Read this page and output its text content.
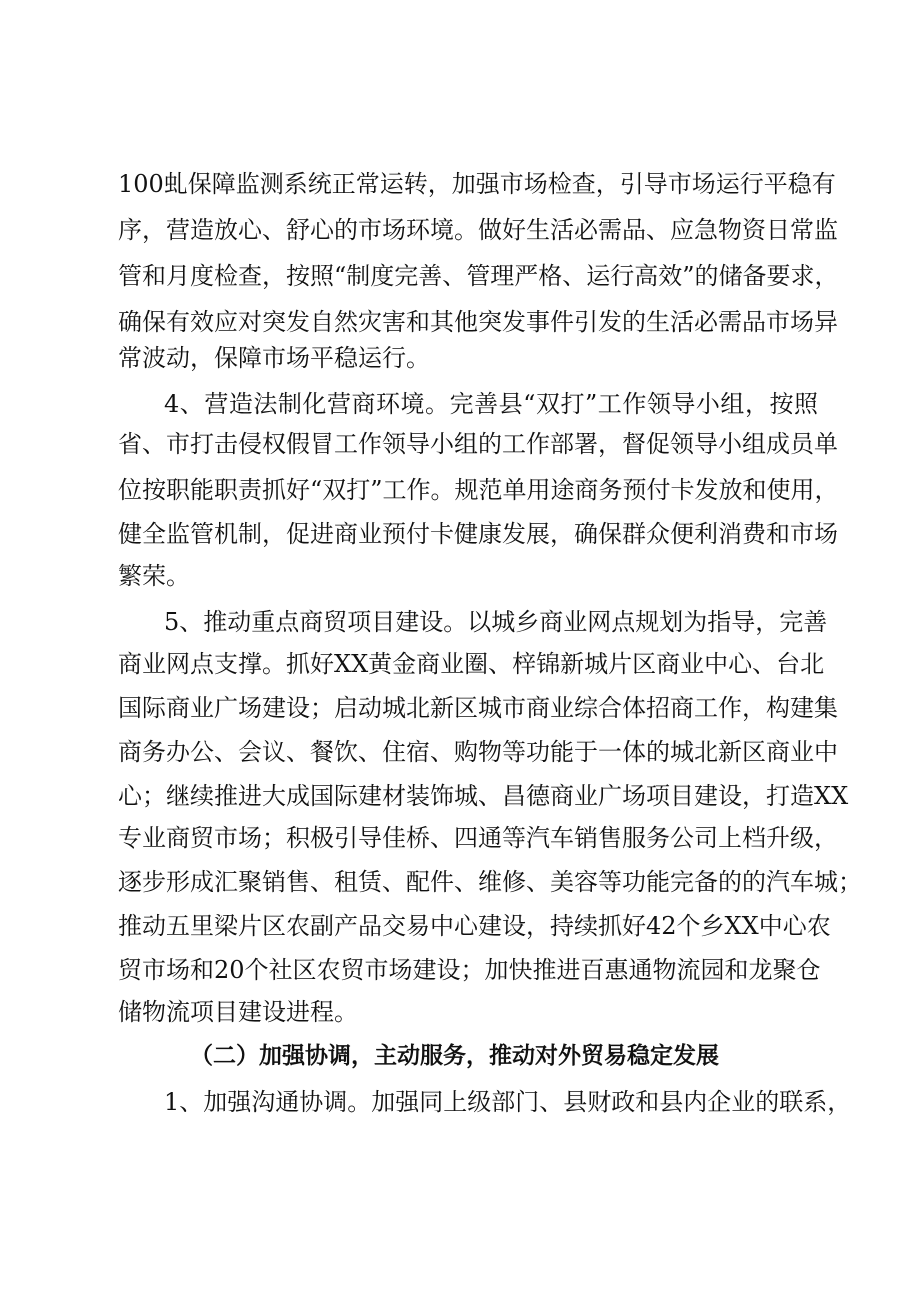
100虬保障监测系统正常运转，加强市场检查，引导市场运行平稳有
序，营造放心、舒心的市场环境。做好生活必需品、应急物资日常监
管和月度检查，按照“制度完善、管理严格、运行高效”的储备要求，
确保有效应对突发自然灾害和其他突发事件引发的生活必需品市场异
常波动，保障市场平稳运行。
4、营造法制化营商环境。完善县“双打”工作领导小组，按照
省、市打击侵权假冒工作领导小组的工作部署，督促领导小组成员单
位按职能职责抓好“双打”工作。规范单用途商务预付卡发放和使用，
健全监管机制，促进商业预付卡健康发展，确保群众便利消费和市场
繁荣。
5、推动重点商贸项目建设。以城乡商业网点规划为指导，完善
商业网点支撑。抓好XX黄金商业圈、梓锦新城片区商业中心、台北
国际商业广场建设；启动城北新区城市商业综合体招商工作，构建集
商务办公、会议、餐饮、住宿、购物等功能于一体的城北新区商业中
心；继续推进大成国际建材装饰城、昌德商业广场项目建设，打造XX
专业商贸市场；积极引导佳桥、四通等汽车销售服务公司上档升级，
逐步形成汇聚销售、租赁、配件、维修、美容等功能完备的的汽车城；
推动五里梁片区农副产品交易中心建设，持续抓好42个乡XX中心农
贸市场和20个社区农贸市场建设；加快推进百惠通物流园和龙聚仓
储物流项目建设进程。
（二）加强协调，主动服务，推动对外贸易稳定发展
1、加强沟通协调。加强同上级部门、县财政和县内企业的联系，
